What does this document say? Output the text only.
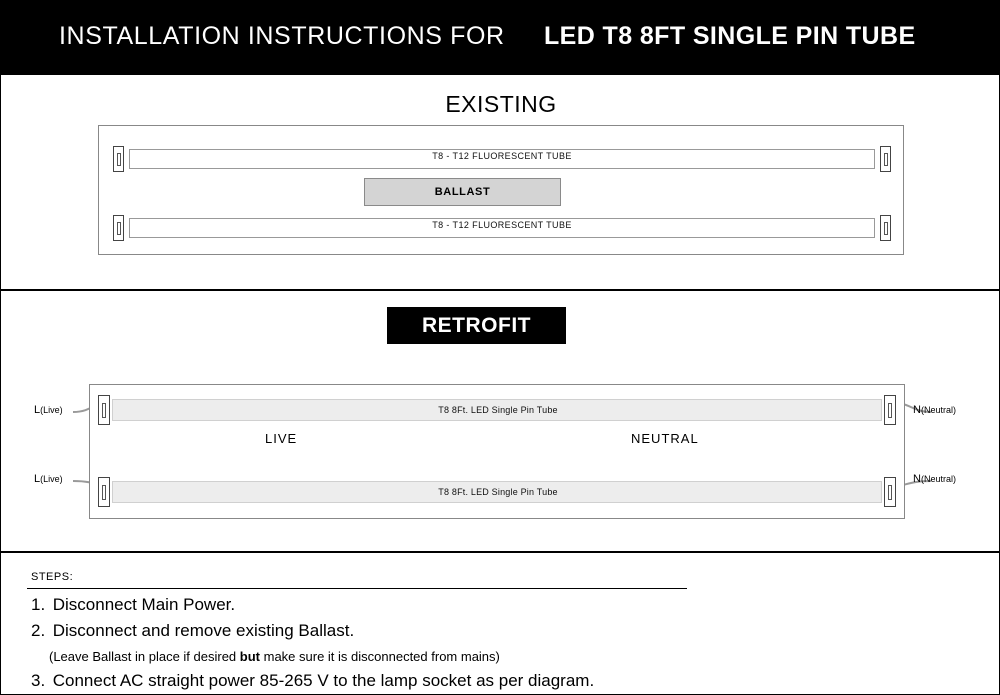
INSTALLATION INSTRUCTIONS FOR LED T8 8FT SINGLE PIN TUBE
EXISTING
T8 - T12 FLUORESCENT TUBE
BALLAST
T8 - T12 FLUORESCENT TUBE
RETROFIT
T8 8Ft. LED Single Pin Tube
T8 8Ft. LED Single Pin Tube
L(Live)
L(Live)
N(Neutral)
N(Neutral)
LIVE	NEUTRAL
STEPS:
1. Disconnect Main Power.
2. Disconnect and remove existing Ballast.
(Leave Ballast in place if desired but make sure it is disconnected from mains)
3. Connect AC straight power 85-265 V to the lamp socket as per diagram.
